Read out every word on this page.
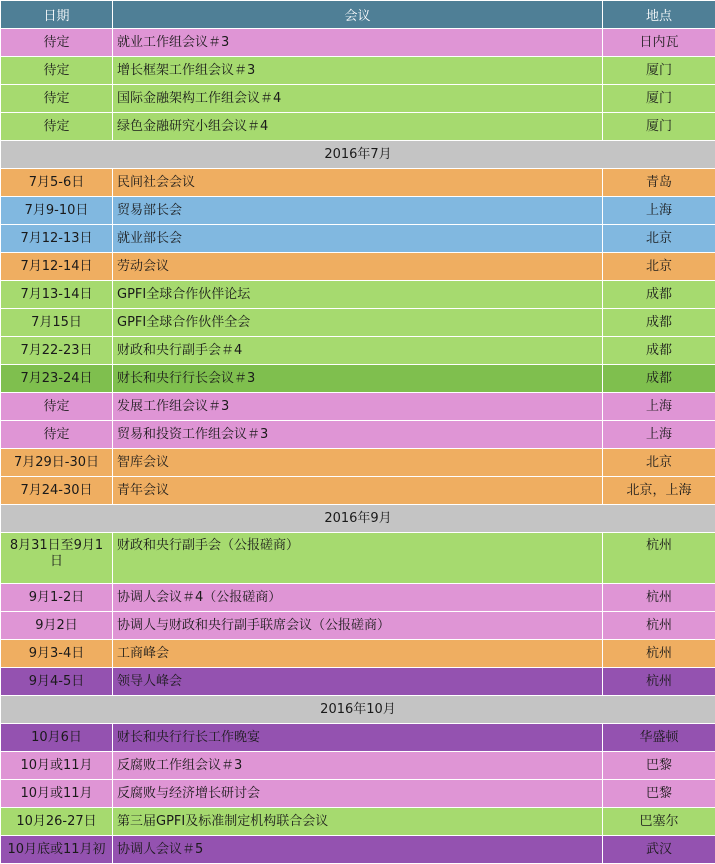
日期	会议	地点
待定	就业工作组会议＃3	日内瓦
待定	增长框架工作组会议＃3	厦门
待定	国际金融架构工作组会议＃4	厦门
待定	绿色金融研究小组会议＃4	厦门
2016年7月		
7月5-6日	民间社会会议	青岛
7月9-10日	贸易部长会	上海
7月12-13日	就业部长会	北京
7月12-14日	劳动会议	北京
7月13-14日	GPFI全球合作伙伴论坛	成都
7月15日	GPFI全球合作伙伴全会	成都
7月22-23日	财政和央行副手会＃4	成都
7月23-24日	财长和央行行长会议＃3	成都
待定	发展工作组会议＃3	上海
待定	贸易和投资工作组会议＃3	上海
7月29日-30日	智库会议	北京
7月24-30日	青年会议	北京，上海
2016年9月		
8月31日至9月1日	财政和央行副手会（公报磋商）	杭州
9月1-2日	协调人会议＃4（公报磋商）	杭州
9月2日	协调人与财政和央行副手联席会议（公报磋商）	杭州
9月3-4日	工商峰会	杭州
9月4-5日	领导人峰会	杭州
2016年10月		
10月6日	财长和央行行长工作晚宴	华盛顿
10月或11月	反腐败工作组会议＃3	巴黎
10月或11月	反腐败与经济增长研讨会	巴黎
10月26-27日	第三届GPFI及标准制定机构联合会议	巴塞尔
10月底或11月初	协调人会议＃5	武汉
